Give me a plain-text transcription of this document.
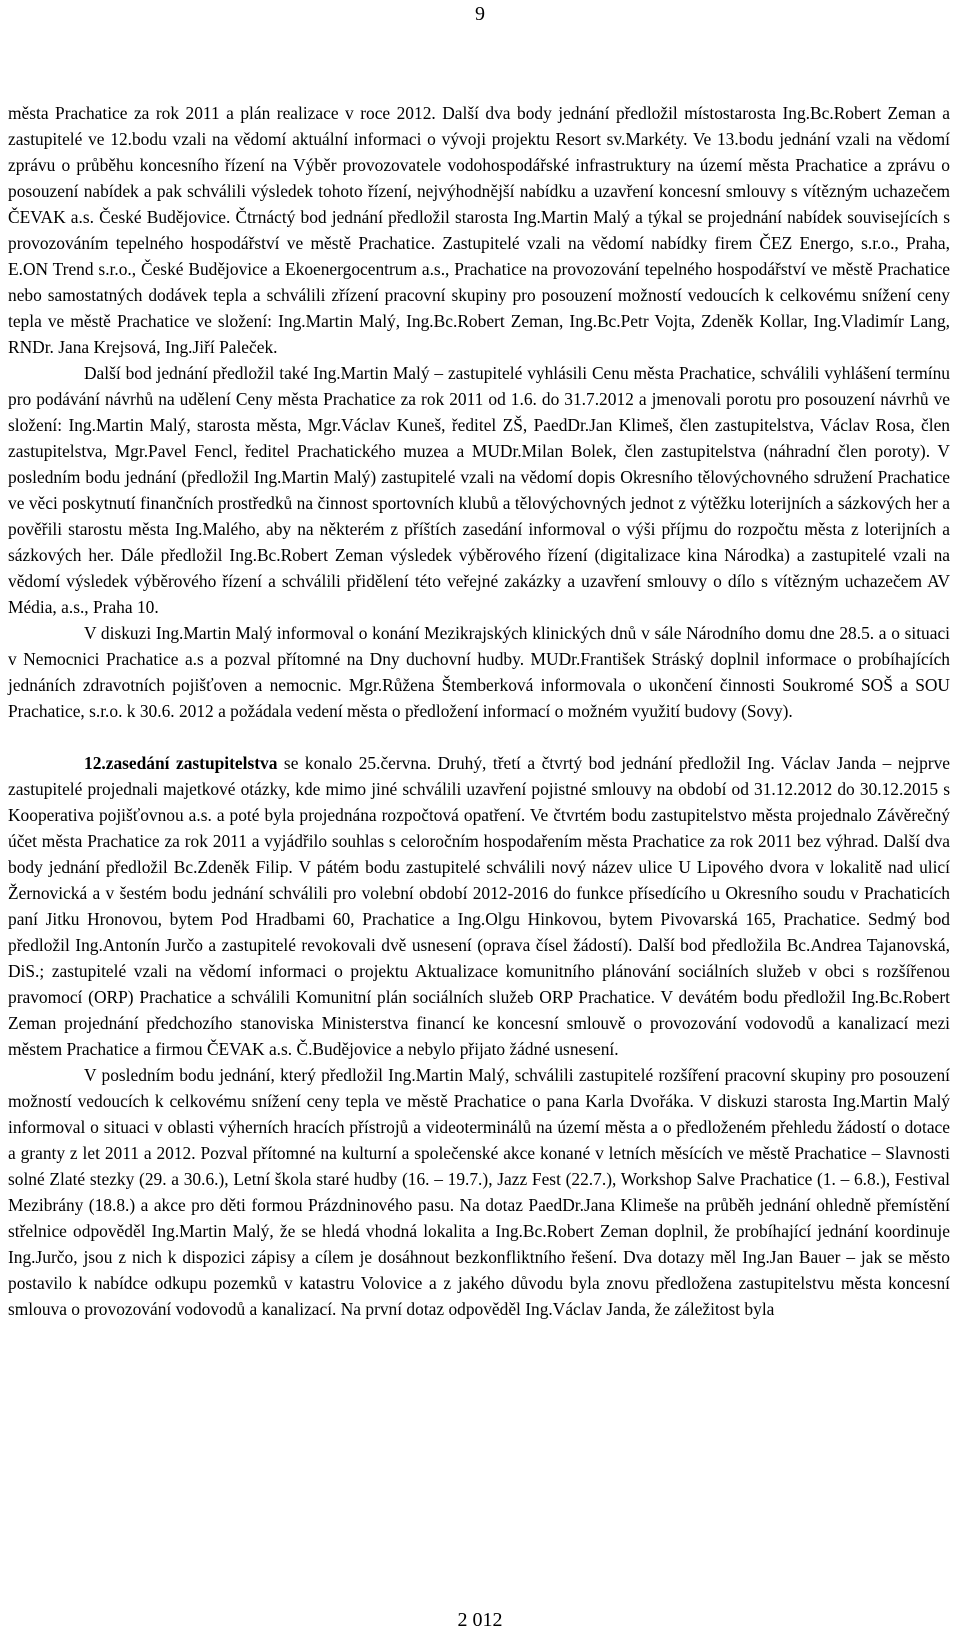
9

města Prachatice za rok 2011 a plán realizace v roce 2012. Další dva body jednání předložil místostarosta Ing.Bc.Robert Zeman a zastupitelé ve 12.bodu vzali na vědomí aktuální informaci o vývoji projektu Resort sv.Markéty. Ve 13.bodu jednání vzali na vědomí zprávu o průběhu koncesního řízení na Výběr provozovatele vodohospodářské infrastruktury na území města Prachatice a zprávu o posouzení nabídek a pak schválili výsledek tohoto řízení, nejvýhodnější nabídku a uzavření koncesní smlouvy s vítězným uchazečem ČEVAK a.s. České Budějovice. Čtrnáctý bod jednání předložil starosta Ing.Martin Malý a týkal se projednání nabídek souvisejících s provozováním tepelného hospodářství ve městě Prachatice. Zastupitelé vzali na vědomí nabídky firem ČEZ Energo, s.r.o., Praha, E.ON Trend s.r.o., České Budějovice a Ekoenergocentrum a.s., Prachatice na provozování tepelného hospodářství ve městě Prachatice nebo samostatných dodávek tepla a schválili zřízení pracovní skupiny pro posouzení možností vedoucích k celkovému snížení ceny tepla ve městě Prachatice ve složení: Ing.Martin Malý, Ing.Bc.Robert Zeman, Ing.Bc.Petr Vojta, Zdeněk Kollar, Ing.Vladimír Lang, RNDr. Jana Krejsová, Ing.Jiří Paleček.

Další bod jednání předložil také Ing.Martin Malý – zastupitelé vyhlásili Cenu města Prachatice, schválili vyhlášení termínu pro podávání návrhů na udělení Ceny města Prachatice za rok 2011 od 1.6. do 31.7.2012 a jmenovali porotu pro posouzení návrhů ve složení: Ing.Martin Malý, starosta města, Mgr.Václav Kuneš, ředitel ZŠ, PaedDr.Jan Klimeš, člen zastupitelstva, Václav Rosa, člen zastupitelstva, Mgr.Pavel Fencl, ředitel Prachatického muzea a MUDr.Milan Bolek, člen zastupitelstva (náhradní člen poroty). V posledním bodu jednání (předložil Ing.Martin Malý) zastupitelé vzali na vědomí dopis Okresního tělovýchovného sdružení Prachatice ve věci poskytnutí finančních prostředků na činnost sportovních klubů a tělovýchovných jednot z výtěžku loterijních a sázkových her a pověřili starostu města Ing.Malého, aby na některém z příštích zasedání informoval o výši příjmu do rozpočtu města z loterijních a sázkových her. Dále předložil Ing.Bc.Robert Zeman výsledek výběrového řízení (digitalizace kina Národka) a zastupitelé vzali na vědomí výsledek výběrového řízení a schválili přidělení této veřejné zakázky a uzavření smlouvy o dílo s vítězným uchazečem AV Média, a.s., Praha 10.

V diskuzi Ing.Martin Malý informoval o konání Mezikrajských klinických dnů v sále Národního domu dne 28.5. a o situaci v Nemocnici Prachatice a.s a pozval přítomné na Dny duchovní hudby. MUDr.František Stráský doplnil informace o probíhajících jednáních zdravotních pojišťoven a nemocnic. Mgr.Růžena Štemberková informovala o ukončení činnosti Soukromé SOŠ a SOU Prachatice, s.r.o. k 30.6. 2012 a požádala vedení města o předložení informací o možném využití budovy (Sovy).

12.zasedání zastupitelstva se konalo 25.června. Druhý, třetí a čtvrtý bod jednání předložil Ing. Václav Janda – nejprve zastupitelé projednali majetkové otázky, kde mimo jiné schválili uzavření pojistné smlouvy na období od 31.12.2012 do 30.12.2015 s Kooperativa pojišťovnou a.s. a poté byla projednána rozpočtová opatření. Ve čtvrtém bodu zastupitelstvo města projednalo Závěrečný účet města Prachatice za rok 2011 a vyjádřilo souhlas s celoročním hospodařením města Prachatice za rok 2011 bez výhrad. Další dva body jednání předložil Bc.Zdeněk Filip. V pátém bodu zastupitelé schválili nový název ulice U Lipového dvora v lokalitě nad ulicí Žernovická a v šestém bodu jednání schválili pro volební období 2012-2016 do funkce přísedícího u Okresního soudu v Prachaticích paní Jitku Hronovou, bytem Pod Hradbami 60, Prachatice a Ing.Olgu Hinkovou, bytem Pivovarská 165, Prachatice. Sedmý bod předložil Ing.Antonín Jurčo a zastupitelé revokovali dvě usnesení (oprava čísel žádostí). Další bod předložila Bc.Andrea Tajanovská, DiS.; zastupitelé vzali na vědomí informaci o projektu Aktualizace komunitního plánování sociálních služeb v obci s rozšířenou pravomocí (ORP) Prachatice a schválili Komunitní plán sociálních služeb ORP Prachatice. V devátém bodu předložil Ing.Bc.Robert Zeman projednání předchozího stanoviska Ministerstva financí ke koncesní smlouvě o provozování vodovodů a kanalizací mezi městem Prachatice a firmou ČEVAK a.s. Č.Budějovice a nebylo přijato žádné usnesení.

V posledním bodu jednání, který předložil Ing.Martin Malý, schválili zastupitelé rozšíření pracovní skupiny pro posouzení možností vedoucích k celkovému snížení ceny tepla ve městě Prachatice o pana Karla Dvořáka. V diskuzi starosta Ing.Martin Malý informoval o situaci v oblasti výherních hracích přístrojů a videoterminálů na území města a o předloženém přehledu žádostí o dotace a granty z let 2011 a 2012. Pozval přítomné na kulturní a společenské akce konané v letních měsících ve městě Prachatice – Slavnosti solné Zlaté stezky (29. a 30.6.), Letní škola staré hudby (16. – 19.7.), Jazz Fest (22.7.), Workshop Salve Prachatice (1. – 6.8.), Festival Mezibrány (18.8.) a akce pro děti formou Prázdninového pasu. Na dotaz PaedDr.Jana Klimeše na průběh jednání ohledně přemístění střelnice odpověděl Ing.Martin Malý, že se hledá vhodná lokalita a Ing.Bc.Robert Zeman doplnil, že probíhající jednání koordinuje Ing.Jurčo, jsou z nich k dispozici zápisy a cílem je dosáhnout bezkonfliktního řešení. Dva dotazy měl Ing.Jan Bauer – jak se město postavilo k nabídce odkupu pozemků v katastru Volovice a z jakého důvodu byla znovu předložena zastupitelstvu města koncesní smlouva o provozování vodovodů a kanalizací. Na první dotaz odpověděl Ing.Václav Janda, že záležitost byla

2 012
